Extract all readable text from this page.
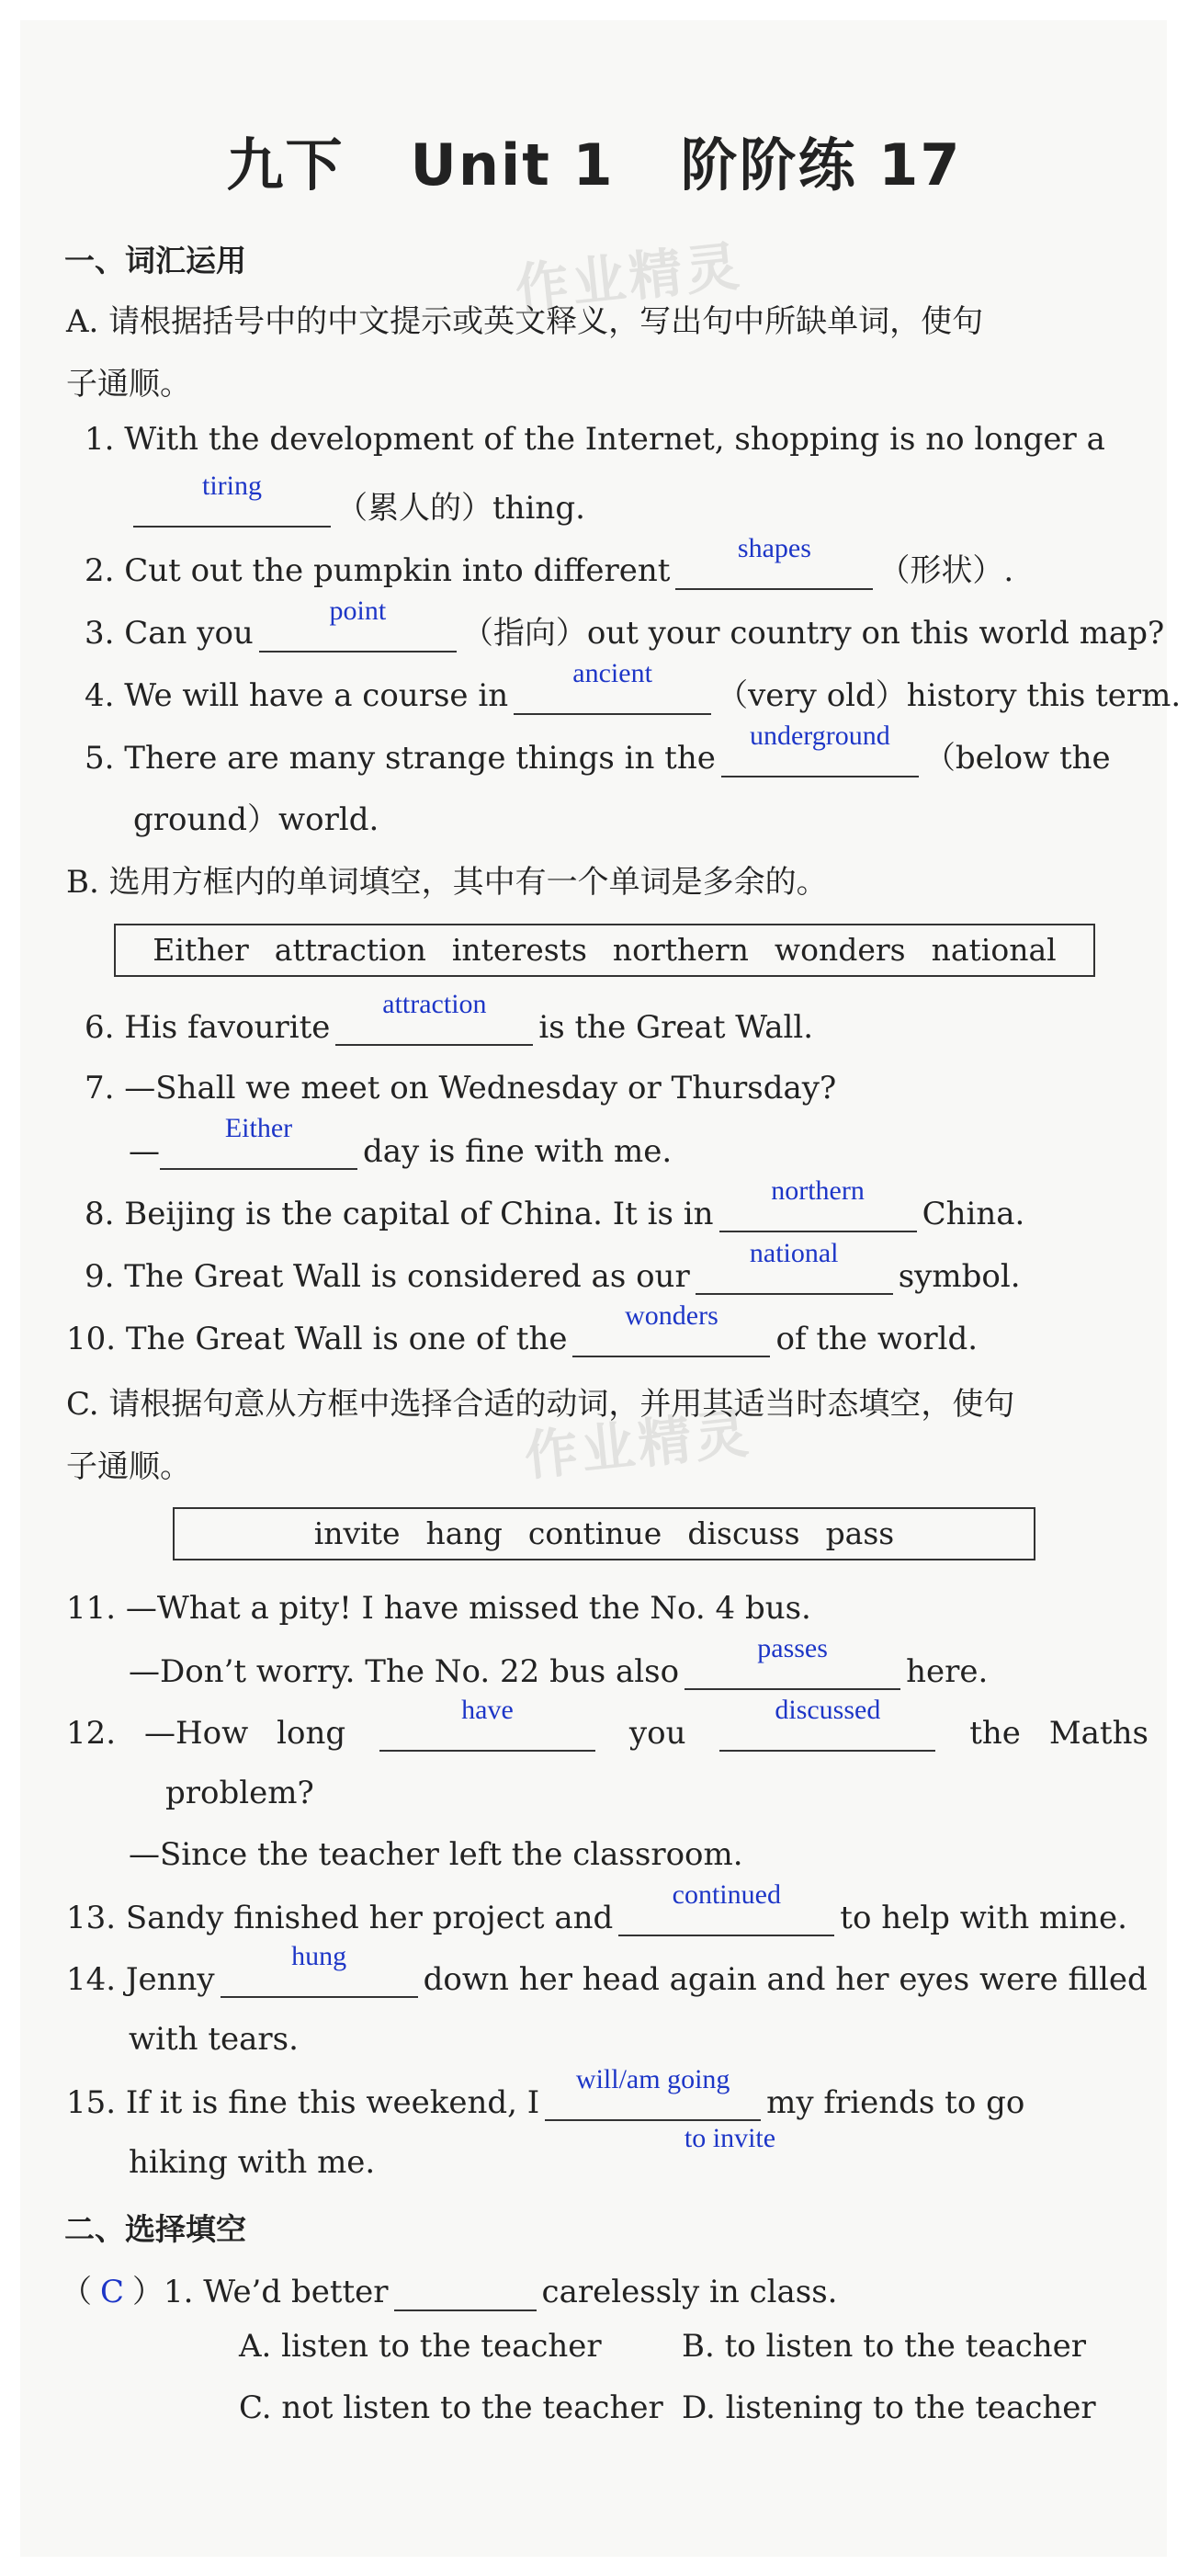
九下 Unit 1 阶阶练 17
作业精灵
作业精灵
一、词汇运用
A. 请根据括号中的中文提示或英文释义，写出句中所缺单词，使句
子通顺。
1. With the development of the Internet, shopping is no longer a
tiring
（累人的）thing.
2. Cut out the pumpkin into different
shapes
（形状）.
3. Can you
point
（指向）out your country on this world map?
4. We will have a course in
ancient
（very old）history this term.
5. There are many strange things in the
underground
（below the
ground）world.
B. 选用方框内的单词填空，其中有一个单词是多余的。
Either attraction interests northern wonders national
6. His favourite
attraction
is the Great Wall.
7. —Shall we meet on Wednesday or Thursday?
—
Either
day is fine with me.
8. Beijing is the capital of China. It is in
northern
China.
9. The Great Wall is considered as our
national
symbol.
10. The Great Wall is one of the
wonders
of the world.
C. 请根据句意从方框中选择合适的动词，并用其适当时态填空，使句
子通顺。
invite hang continue discuss pass
11. —What a pity! I have missed the No. 4 bus.
—Don’t worry. The No. 22 bus also
passes
here.
12. —How long
have
you
discussed
the Maths
problem?
—Since the teacher left the classroom.
13. Sandy finished her project and
continued
to help with mine.
14. Jenny
hung
down her head again and her eyes were filled
with tears.
15. If it is fine this weekend, I
will/am going
my friends to go
to invite
hiking with me.
二、选择填空
（ C ）1. We’d better	carelessly in class.
A. listen to the teacher	B. to listen to the teacher
C. not listen to the teacher D. listening to the teacher
